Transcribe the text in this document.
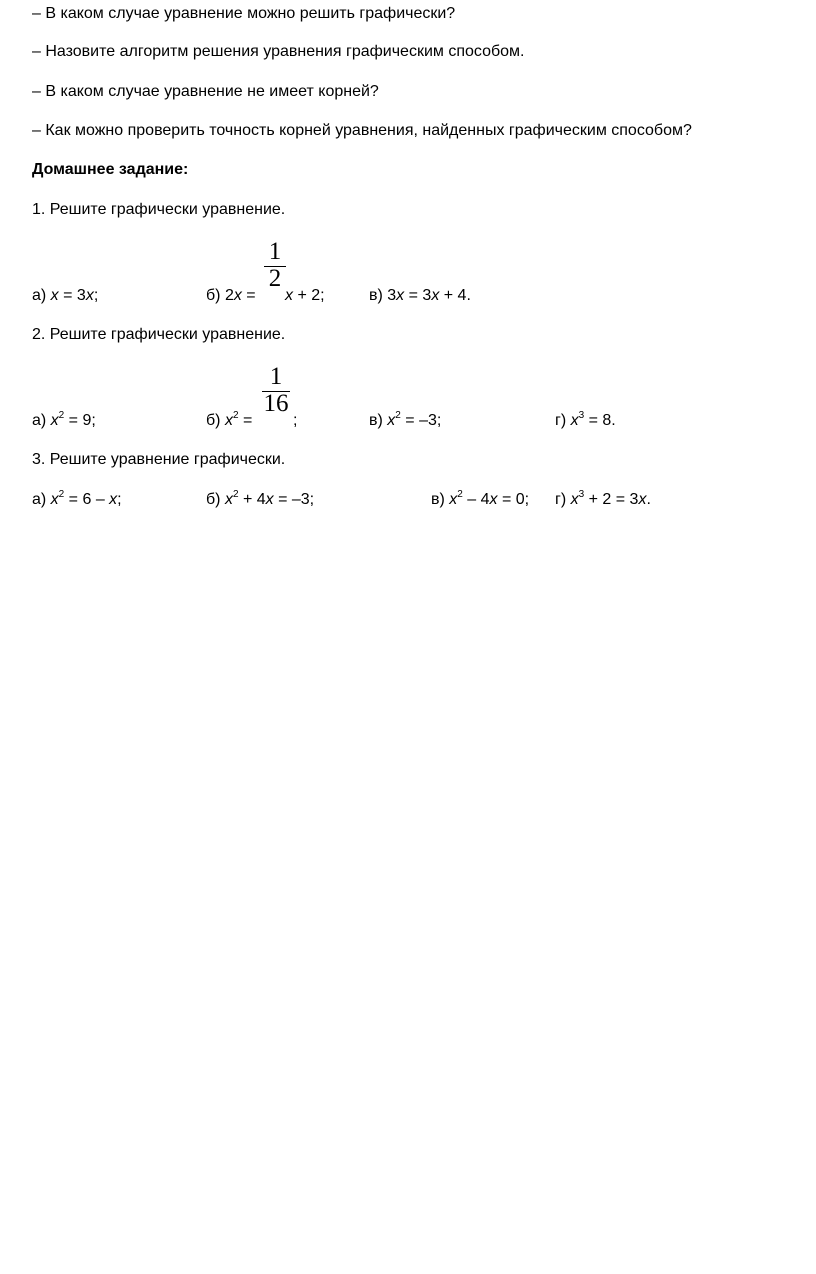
– В каком случае уравнение можно решить графически?
– Назовите алгоритм решения уравнения графическим способом.
– В каком случае уравнение не имеет корней?
– Как можно проверить точность корней уравнения, найденных графическим способом?
Домашнее задание:
1. Решите графически уравнение.
а) x = 3x;	б) 2x =
1
2
x + 2;	в) 3x = 3x + 4.
2. Решите графически уравнение.
а) $x^2 = 9$;	б) $x^2$ =
1
16
;	в) $x^2 = -3$;	г) $x^3 = 8$.
3. Решите уравнение графически.
а) $x^2 = 6 - x$;	б) $x^2 + 4x = -3$;	в) $x^2 - 4x = 0$; г) $x^3 + 2 = 3x$.
